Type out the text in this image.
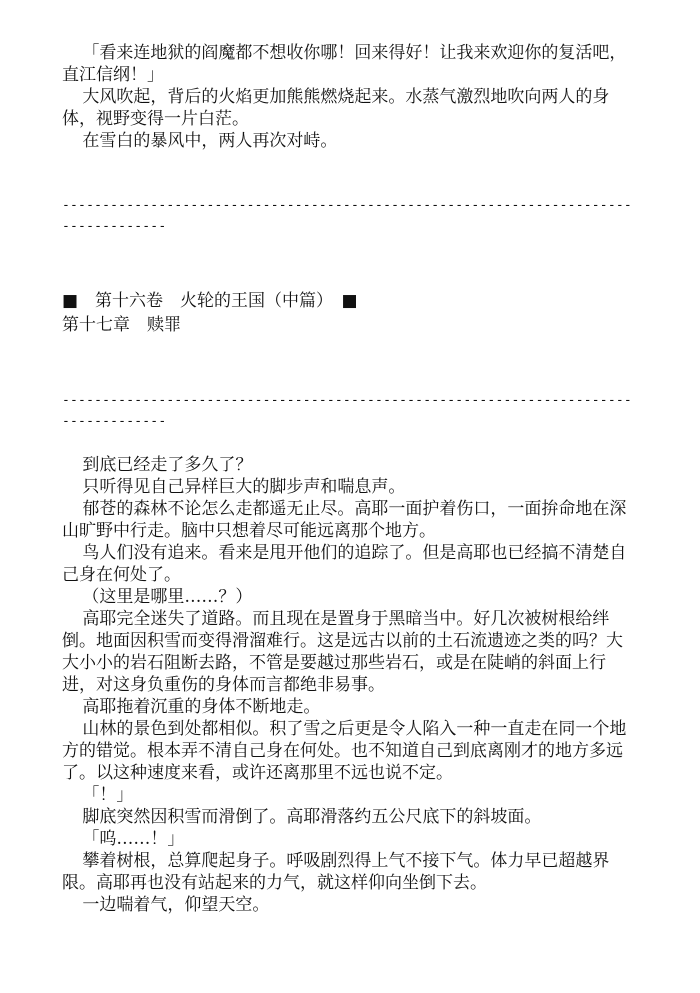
「看来连地狱的阎魔都不想收你哪！回来得好！让我来欢迎你的复活吧，直江信纲！」

大风吹起，背后的火焰更加熊熊燃烧起来。水蒸气激烈地吹向两人的身体，视野变得一片白茫。

在雪白的暴风中，两人再次对峙。

------------------------------------------------------------------------------------

■　第十六卷　火轮的王国（中篇）　■

第十七章　赎罪

------------------------------------------------------------------------------------

到底已经走了多久了？

只听得见自己异样巨大的脚步声和喘息声。

郁苍的森林不论怎么走都遥无止尽。高耶一面护着伤口，一面拚命地在深山旷野中行走。脑中只想着尽可能远离那个地方。

鸟人们没有追来。看来是甩开他们的追踪了。但是高耶也已经搞不清楚自己身在何处了。

（这里是哪里……？）

高耶完全迷失了道路。而且现在是置身于黑暗当中。好几次被树根给绊倒。地面因积雪而变得滑溜难行。这是远古以前的土石流遗迹之类的吗？大大小小的岩石阻断去路，不管是要越过那些岩石，或是在陡峭的斜面上行进，对这身负重伤的身体而言都绝非易事。

高耶拖着沉重的身体不断地走。

山林的景色到处都相似。积了雪之后更是令人陷入一种一直走在同一个地方的错觉。根本弄不清自己身在何处。也不知道自己到底离刚才的地方多远了。以这种速度来看，或许还离那里不远也说不定。

「！」

脚底突然因积雪而滑倒了。高耶滑落约五公尺底下的斜坡面。

「呜……！」

攀着树根，总算爬起身子。呼吸剧烈得上气不接下气。体力早已超越界限。高耶再也没有站起来的力气，就这样仰向坐倒下去。

一边喘着气，仰望天空。
